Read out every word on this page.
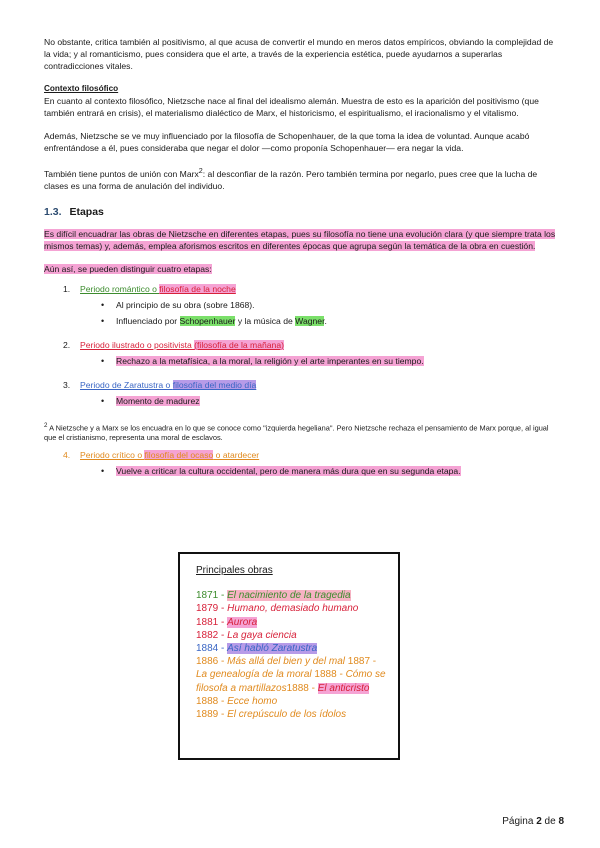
No obstante, critica también al positivismo, al que acusa de convertir el mundo en meros datos empíricos, obviando la complejidad de la vida; y al romanticismo, pues considera que el arte, a través de la experiencia estética, puede ayudarnos a superarlas contradicciones vitales.

Contexto filosófico

En cuanto al contexto filosófico, Nietzsche nace al final del idealismo alemán. Muestra de esto es la aparición del positivismo (que también entrará en crisis), el materialismo dialéctico de Marx, el historicismo, el espiritualismo, el iracionalismo y el vitalismo.

Además, Nietzsche se ve muy influenciado por la filosofía de Schopenhauer, de la que toma la idea de voluntad. Aunque acabó enfrentándose a él, pues consideraba que negar el dolor —como proponía Schopenhauer— era negar la vida.

También tiene puntos de unión con Marx$^2$: al desconfiar de la razón. Pero también termina por negarlo, pues cree que la lucha de clases es una forma de anulación del individuo.

1.3. Etapas

Es difícil encuadrar las obras de Nietzsche en diferentes etapas, pues su filosofía no tiene una evolución clara (y que siempre trata los mismos temas) y, además, emplea aforismos escritos en diferentes épocas que agrupa según la temática de la obra en cuestión.

Aún así, se pueden distinguir cuatro etapas:

1. Periodo romántico o filosofía de la noche
• Al principio de su obra (sobre 1868).
• Influenciado por Schopenhauer y la música de Wagner.
2. Periodo ilustrado o positivista (filosofía de la mañana)
• Rechazo a la metafísica, a la moral, la religión y el arte imperantes en su tiempo.
3. Periodo de Zaratustra o filosofía del medio día
• Momento de madurez

$^2$ A Nietzsche y a Marx se los encuadra en lo que se conoce como "izquierda hegeliana". Pero Nietzsche rechaza el pensamiento de Marx porque, al igual que el cristianismo, representa una moral de esclavos.

4. Periodo crítico o filosofía del ocaso o atardecer
• Vuelve a criticar la cultura occidental, pero de manera más dura que en su segunda etapa.
Principales obras
1871 - El nacimiento de la tragedia
1879 - Humano, demasiado humano
1881 - Aurora
1882 - La gaya ciencia
1884 - Así habló Zaratustra
1886 - Más allá del bien y del mal 1887 - La genealogía de la moral 1888 - Cómo se filosofa a martillazos1888 - El anticristo
1888 - Ecce homo
1889 - El crepúsculo de los ídolos
Página 2 de 8
